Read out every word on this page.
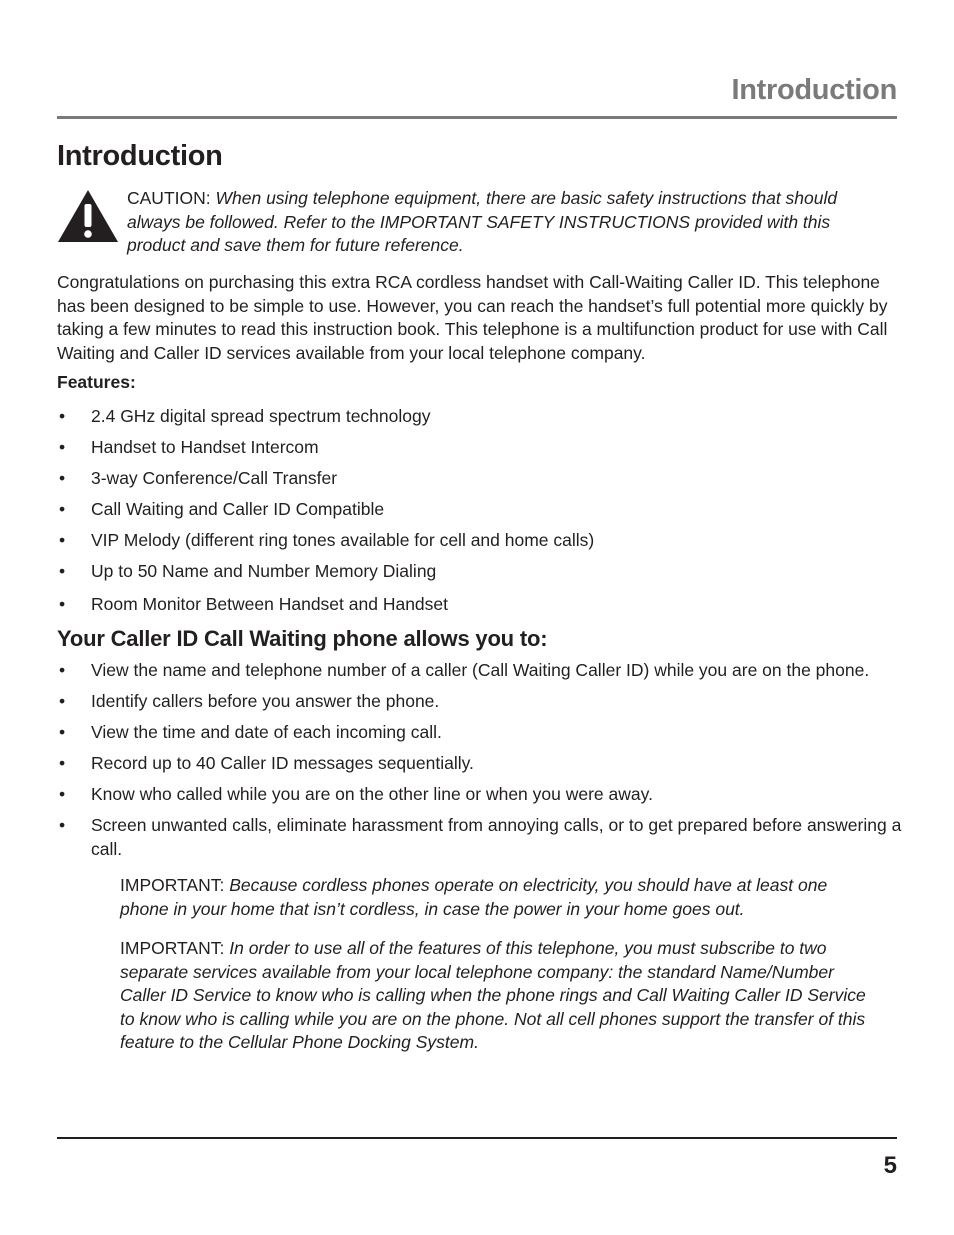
Introduction
Introduction
CAUTION: When using telephone equipment, there are basic safety instructions that should always be followed. Refer to the IMPORTANT SAFETY INSTRUCTIONS provided with this product and save them for future reference.

Congratulations on purchasing this extra RCA cordless handset with Call-Waiting Caller ID. This telephone has been designed to be simple to use. However, you can reach the handset’s full potential more quickly by taking a few minutes to read this instruction book. This telephone is a multifunction product for use with Call Waiting and Caller ID services available from your local telephone company.

Features:

• 2.4 GHz digital spread spectrum technology
• Handset to Handset Intercom
• 3-way Conference/Call Transfer
• Call Waiting and Caller ID Compatible
• VIP Melody (different ring tones available for cell and home calls)
• Up to 50 Name and Number Memory Dialing
• Room Monitor Between Handset and Handset
Your Caller ID Call Waiting phone allows you to:
• View the name and telephone number of a caller (Call Waiting Caller ID) while you are on the phone.
• Identify callers before you answer the phone.
• View the time and date of each incoming call.
• Record up to 40 Caller ID messages sequentially.
• Know who called while you are on the other line or when you were away.
• Screen unwanted calls, eliminate harassment from annoying calls, or to get prepared before answering a call.

IMPORTANT: Because cordless phones operate on electricity, you should have at least one phone in your home that isn’t cordless, in case the power in your home goes out.

IMPORTANT: In order to use all of the features of this telephone, you must subscribe to two separate services available from your local telephone company: the standard Name/Number Caller ID Service to know who is calling when the phone rings and Call Waiting Caller ID Service to know who is calling while you are on the phone. Not all cell phones support the transfer of this feature to the Cellular Phone Docking System.

5
